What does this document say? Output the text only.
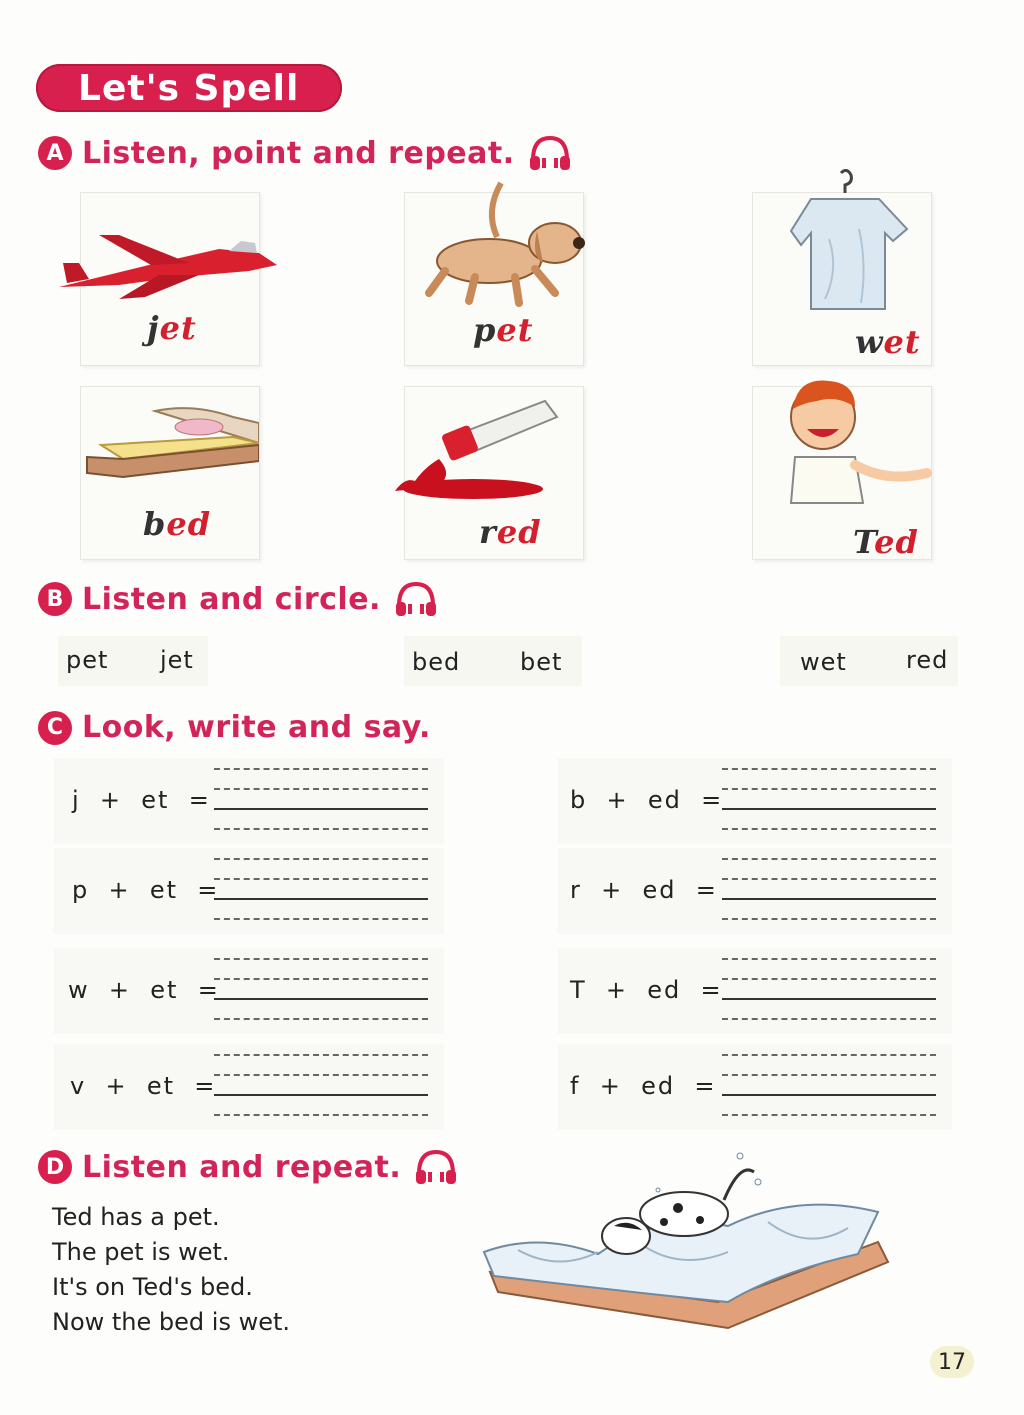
Let's Spell
A Listen, point and repeat.
jet	pet	wet
bed	red	Ted
B Listen and circle.
pet jet	bed bet	wet red
C Look, write and say.
j  +  et  =	b  +  ed  =
p  +  et  =	r  +  ed  =
w  +  et  =	T  +  ed  =
v  +  et  =	f  +  ed  =
D Listen and repeat.
Ted has a pet.
The pet is wet.
It's on Ted's bed.
Now the bed is wet.
17
